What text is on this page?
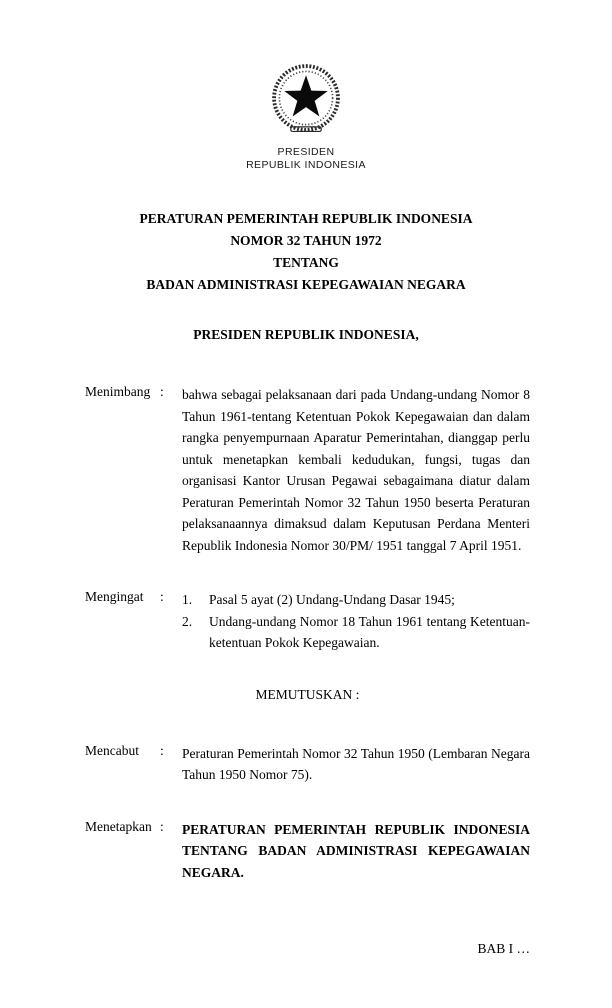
PRESIDEN
REPUBLIK INDONESIA
PERATURAN PEMERINTAH REPUBLIK INDONESIA
NOMOR 32 TAHUN 1972
TENTANG
BADAN ADMINISTRASI KEPEGAWAIAN NEGARA
PRESIDEN REPUBLIK INDONESIA,
Menimbang :	bahwa sebagai pelaksanaan dari pada Undang-undang Nomor 8 Tahun 1961-tentang Ketentuan Pokok Kepegawaian dan dalam rangka penyempurnaan Aparatur Pemerintahan, dianggap perlu untuk menetapkan kembali kedudukan, fungsi, tugas dan organisasi Kantor Urusan Pegawai sebagaimana diatur dalam Peraturan Pemerintah Nomor 32 Tahun 1950 beserta Peraturan pelaksanaannya dimaksud dalam Keputusan Perdana Menteri Republik Indonesia Nomor 30/PM/ 1951 tanggal 7 April 1951.
Mengingat	:	1.	Pasal 5 ayat (2) Undang-Undang Dasar 1945;
2.	Undang-undang Nomor 18 Tahun 1961 tentang Ketentuan-ketentuan Pokok Kepegawaian.
MEMUTUSKAN :
Mencabut	:	Peraturan Pemerintah Nomor 32 Tahun 1950 (Lembaran Negara Tahun 1950 Nomor 75).
Menetapkan :	PERATURAN PEMERINTAH REPUBLIK INDONESIA TENTANG BADAN ADMINISTRASI KEPEGAWAIAN NEGARA.
BAB I …
